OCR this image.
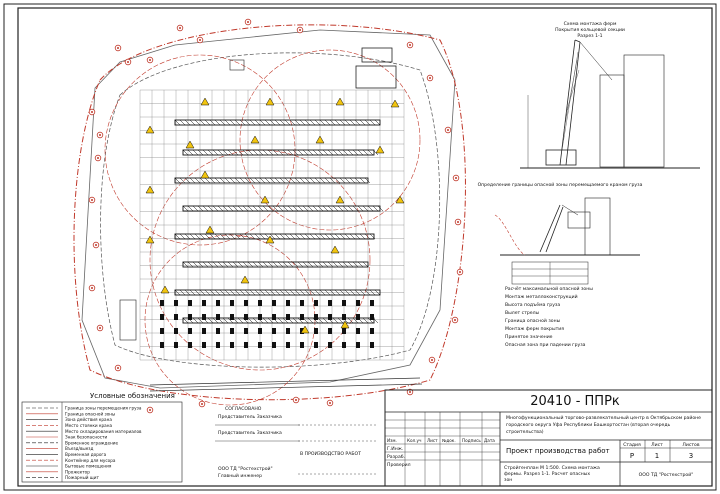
Схема монтажа ферм
Покрытия кольцевой секции
Разрез 1-1
Определение границы опасной зоны перемещаемого краном груза
Расчёт максимальной опасной зоны
Монтаж металлоконструкций
Высота подъёма груза
Вылет стрелы
Граница опасной зоны
Монтаж ферм покрытия
Принятое значение
Опасная зона при падении груза
Условные обозначения
Граница зоны перемещения груза
Граница опасной зоны
Зона действия крана
Место стоянки крана
Место складирования материалов
Знак безопасности
Временное ограждение
Въезд/выезд
Временная дорога
Контейнер для мусора
Бытовые помещения
Прожектор
Пожарный щит
СОГЛАСОВАНО
Представитель Заказчика
Представитель Заказчика
В ПРОИЗВОДСТВО РАБОТ
ООО ТД "Ростехстрой"
Главный инженер
20410 - ППРк
Многофункциональный торгово-развлекательный центр в Октябрьском районе
городского округа Уфа Республики Башкортостан (вторая очередь
строительства)
Проект производства работ
Изм. Кол.уч Лист №док. Подпись Дата
Г.Инж.
Разраб.
Проверил
Стадия Лист	Листов
Р	1	3
Стройгенплан М 1:500. Схема монтажа
фермы. Разрез 1-1. Расчет опасных
зон
ООО ТД "Ростехстрой"
